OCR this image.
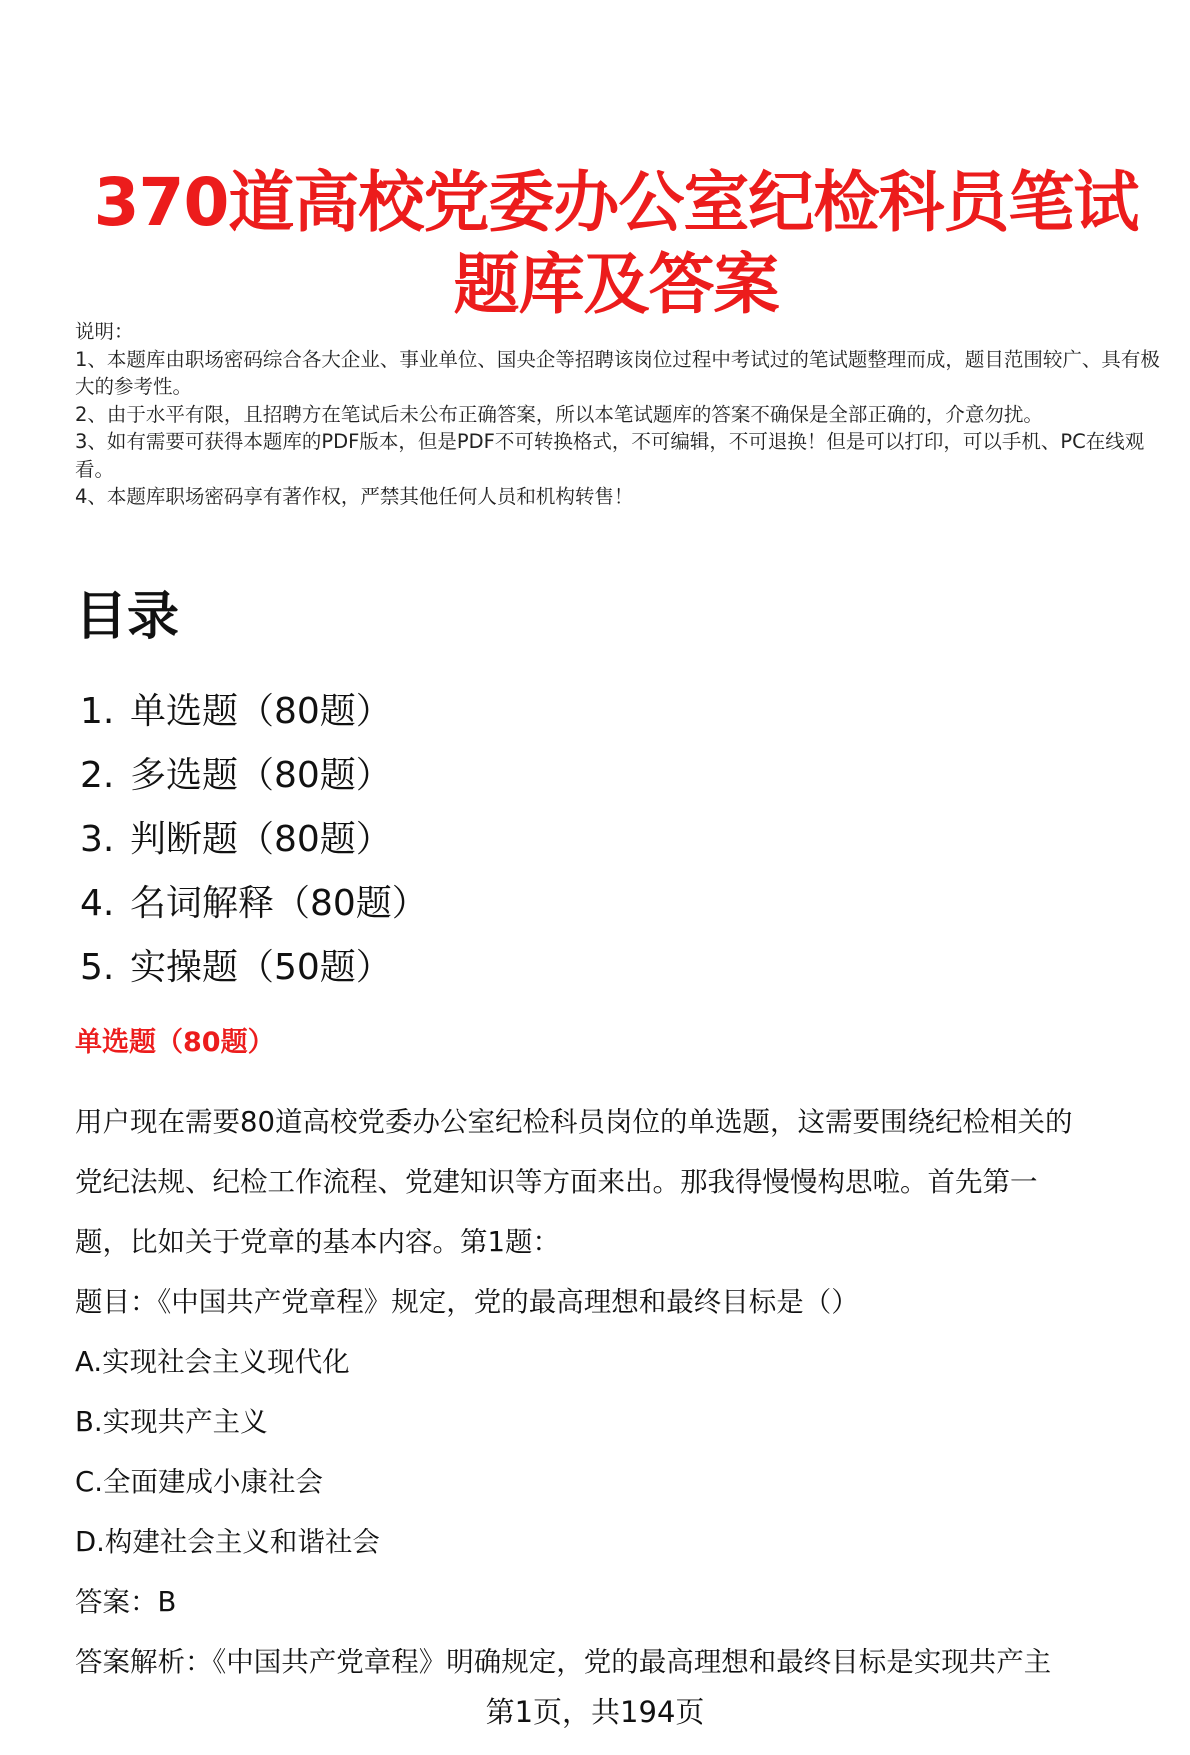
370道高校党委办公室纪检科员笔试
题库及答案
说明：
1、本题库由职场密码综合各大企业、事业单位、国央企等招聘该岗位过程中考试过的笔试题整理而成，题目范围较广、具有极大的参考性。
2、由于水平有限，且招聘方在笔试后未公布正确答案，所以本笔试题库的答案不确保是全部正确的，介意勿扰。
3、如有需要可获得本题库的PDF版本，但是PDF不可转换格式，不可编辑，不可退换！但是可以打印，可以手机、PC在线观看。
4、本题库职场密码享有著作权，严禁其他任何人员和机构转售！
目录
1. 单选题（80题）
2. 多选题（80题）
3. 判断题（80题）
4. 名词解释（80题）
5. 实操题（50题）
单选题（80题）

用户现在需要80道高校党委办公室纪检科员岗位的单选题，这需要围绕纪检相关的

党纪法规、纪检工作流程、党建知识等方面来出。那我得慢慢构思啦。首先第一

题，比如关于党章的基本内容。第1题：

题目：《中国共产党章程》规定，党的最高理想和最终目标是（）

A.实现社会主义现代化

B.实现共产主义

C.全面建成小康社会

D.构建社会主义和谐社会

答案：B

答案解析：《中国共产党章程》明确规定，党的最高理想和最终目标是实现共产主

第1页，共194页
